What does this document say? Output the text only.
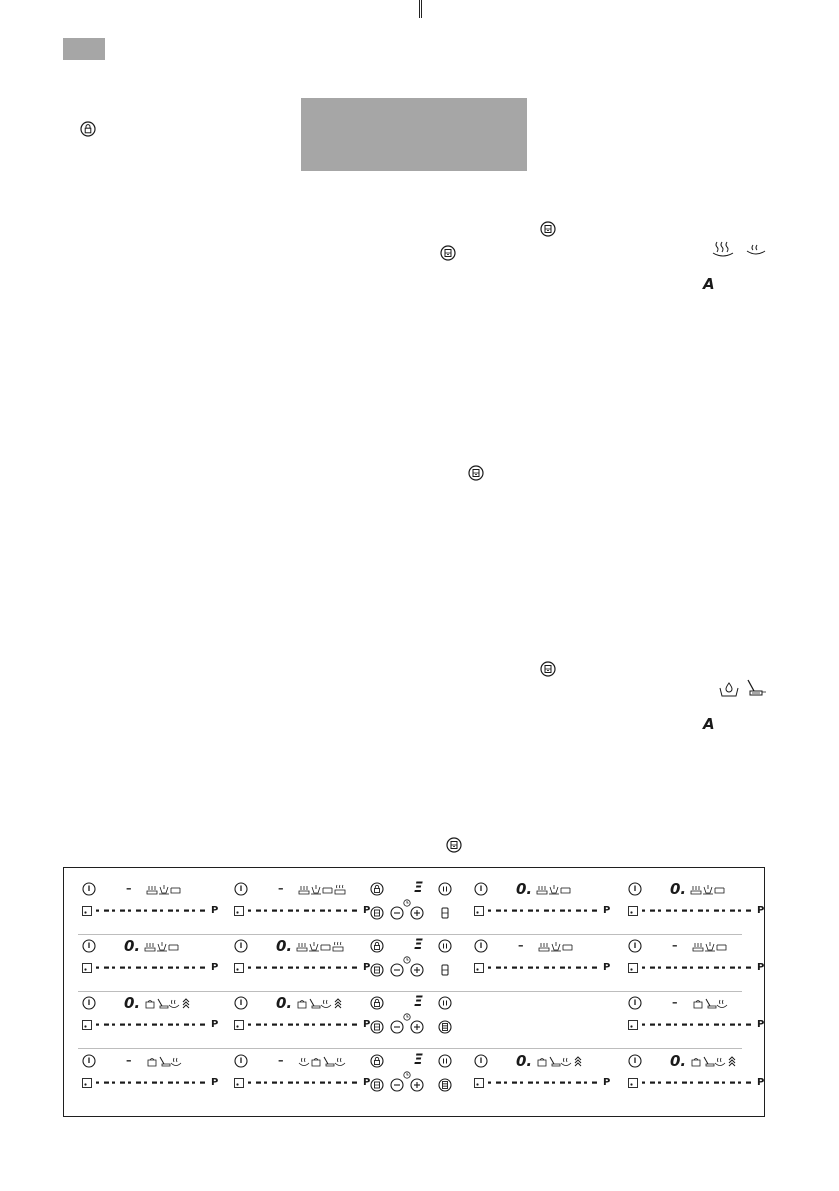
A
A
–
P
–
P
0.
P
0.
P
Ξ
0.
P
0.
P
–
P
–
P
Ξ
0.
P
0.
P
–
P
Ξ
–
P
–
P
0.
P
0.
P
Ξ
